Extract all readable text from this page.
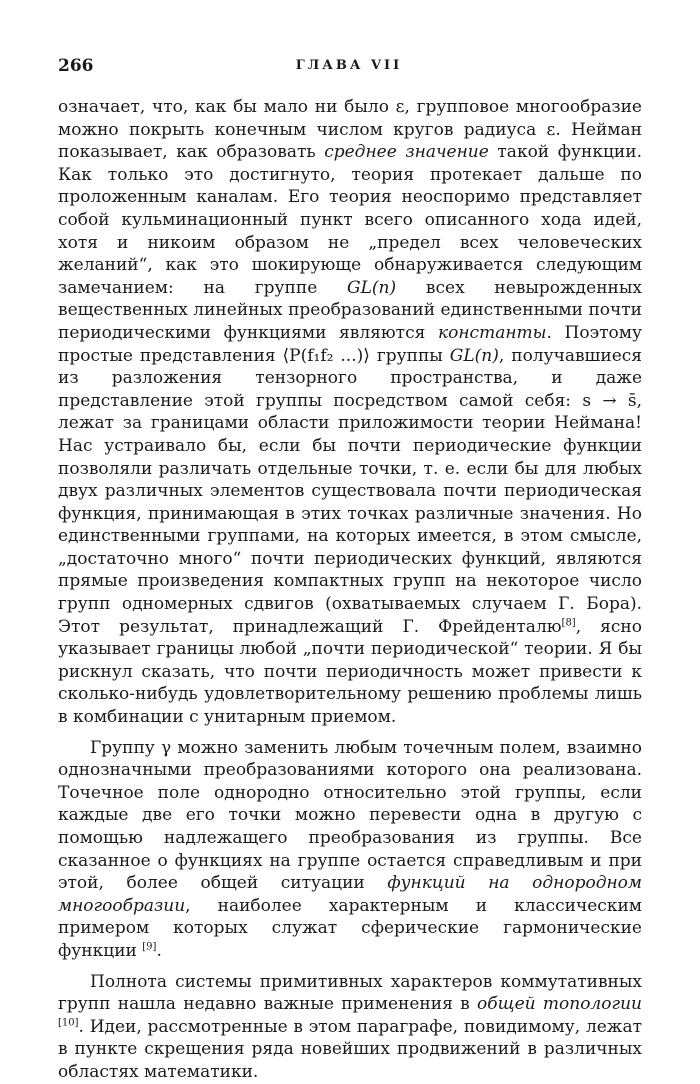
266	ГЛАВА VII

означает, что, как бы мало ни было ε, групповое многообразие можно покрыть конечным числом кругов радиуса ε. Нейман показывает, как образовать среднее значение такой функции. Как только это достигнуто, теория протекает дальше по проложенным каналам. Его теория неоспоримо представляет собой кульминационный пункт всего описанного хода идей, хотя и никоим образом не „предел всех человеческих желаний“, как это шокирующе обнаруживается следующим замечанием: на группе GL(n) всех невырожденных вещественных линейных преобразований единственными почти периодическими функциями являются константы. Поэтому простые представления ⟨P(f₁f₂ ...)⟩ группы GL(n), получавшиеся из разложения тензорного пространства, и даже представление этой группы посредством самой себя: s → s̄, лежат за границами области приложимости теории Неймана! Нас устраивало бы, если бы почти периодические функции позволяли различать отдельные точки, т. е. если бы для любых двух различных элементов существовала почти периодическая функция, принимающая в этих точках различные значения. Но единственными группами, на которых имеется, в этом смысле, „достаточно много“ почти периодических функций, являются прямые произведения компактных групп на некоторое число групп одномерных сдвигов (охватываемых случаем Г. Бора). Этот результат, принадлежащий Г. Фрейденталю[8], ясно указывает границы любой „почти периодической“ теории. Я бы рискнул сказать, что почти периодичность может привести к сколько-нибудь удовлетворительному решению проблемы лишь в комбинации с унитарным приемом.

Группу γ можно заменить любым точечным полем, взаимно однозначными преобразованиями которого она реализована. Точечное поле однородно относительно этой группы, если каждые две его точки можно перевести одна в другую с помощью надлежащего преобразования из группы. Все сказанное о функциях на группе остается справедливым и при этой, более общей ситуации функций на однородном многообразии, наиболее характерным и классическим примером которых служат сферические гармонические функции [9].

Полнота системы примитивных характеров коммутативных групп нашла недавно важные применения в общей топологии [10]. Идеи, рассмотренные в этом параграфе, повидимому, лежат в пункте скрещения ряда новейших продвижений в различных областях математики.
